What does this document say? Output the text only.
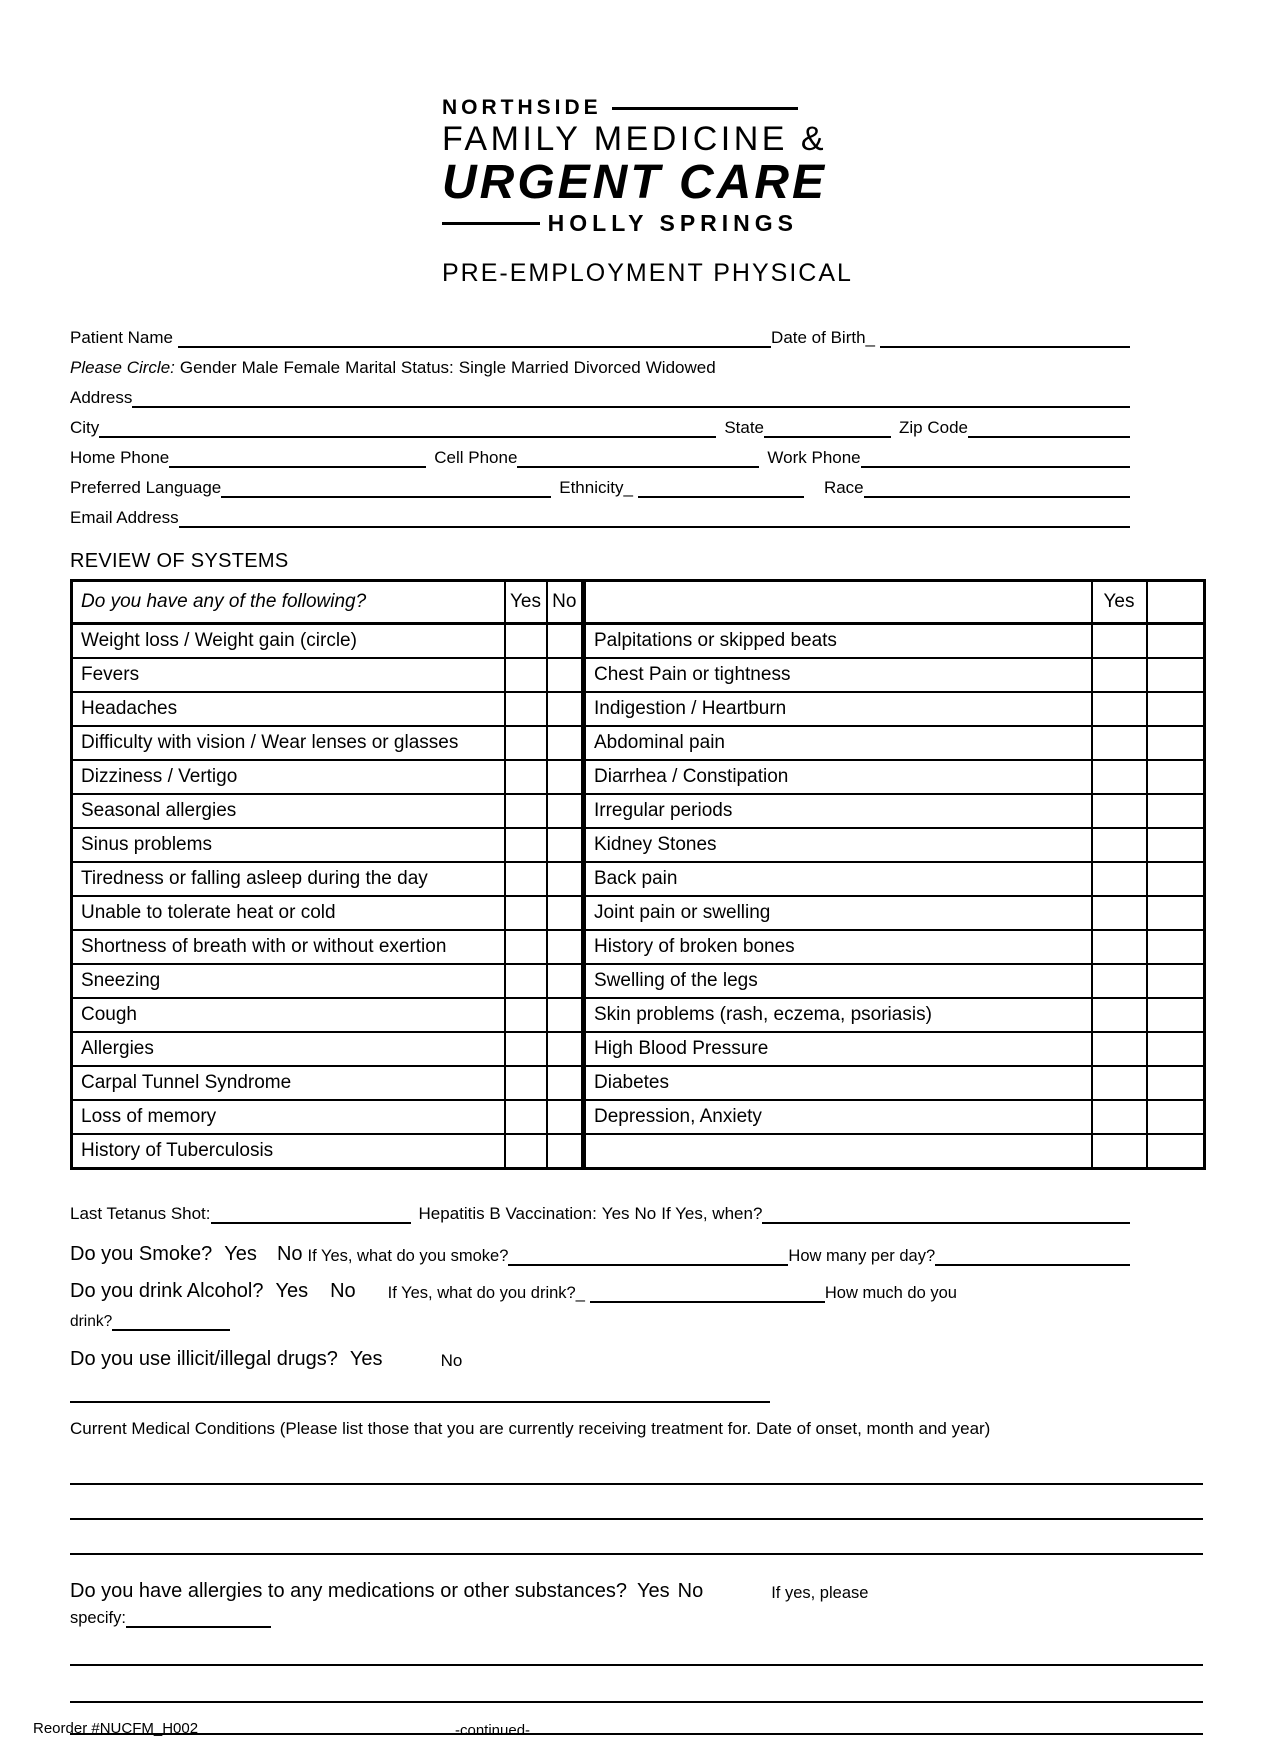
NORTHSIDE
FAMILY MEDICINE &
URGENT CARE
HOLLY SPRINGS
PRE-EMPLOYMENT PHYSICAL
Patient Name	Date of Birth_
Please Circle: Gender Male Female Marital Status: Single Married Divorced Widowed
Address
City	State	Zip Code
Home Phone	Cell Phone	Work Phone
Preferred Language	Ethnicity_	Race
Email Address
REVIEW OF SYSTEMS
Do you have any of the following?	Yes	No		Yes	
Weight loss / Weight gain (circle)			Palpitations or skipped beats		
Fevers			Chest Pain or tightness		
Headaches			Indigestion / Heartburn		
Difficulty with vision / Wear lenses or glasses			Abdominal pain		
Dizziness / Vertigo			Diarrhea / Constipation		
Seasonal allergies			Irregular periods		
Sinus problems			Kidney Stones		
Tiredness or falling asleep during the day			Back pain		
Unable to tolerate heat or cold			Joint pain or swelling		
Shortness of breath with or without exertion			History of broken bones		
Sneezing			Swelling of the legs		
Cough			Skin problems (rash, eczema, psoriasis)		
Allergies			High Blood Pressure		
Carpal Tunnel Syndrome			Diabetes		
Loss of memory			Depression, Anxiety		
History of Tuberculosis					
Last Tetanus Shot:	Hepatitis B Vaccination: Yes No If Yes, when?
Do you Smoke? Yes No If Yes, what do you smoke?	How many per day?
Do you drink Alcohol? Yes No If Yes, what do you drink?_	How much do you
drink?
Do you use illicit/illegal drugs? Yes	No
Current Medical Conditions (Please list those that you are currently receiving treatment for. Date of onset, month and year)
Do you have allergies to any medications or other substances? Yes No	If yes, please
specify:
Reorder #NUCFM_H002	-continued-
